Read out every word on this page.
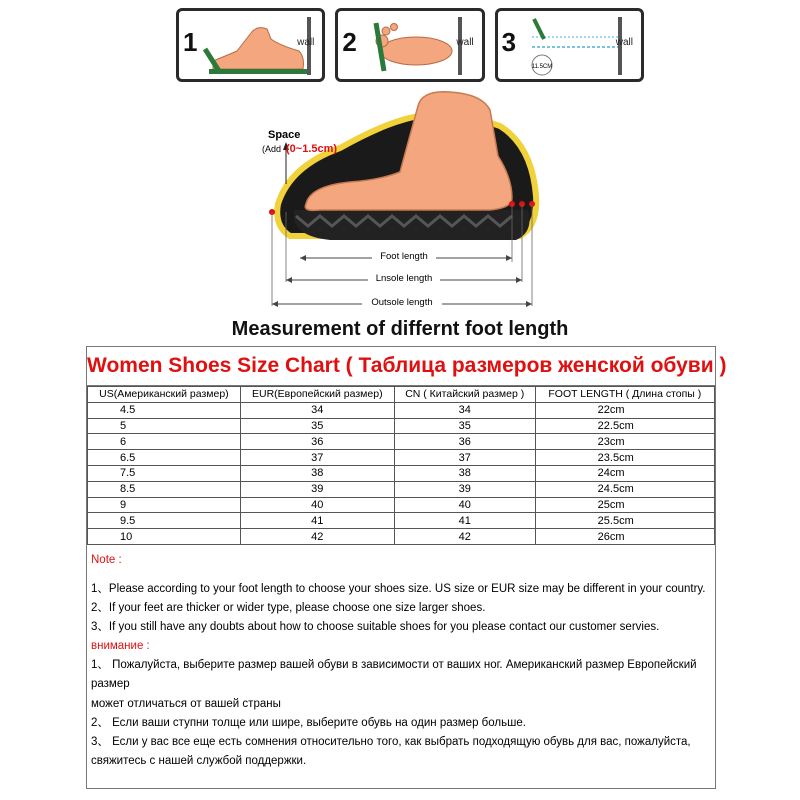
1	wall 2	wall 3
11.5CM
wall
Space
(Add (0~1.5cm)
Foot length
Lnsole length
Outsole length
Measurement of differnt foot length
Women Shoes Size Chart ( Таблица размеров женской обуви )
US(Американский размер)	EUR(Европейский размер)	CN ( Китайский размер )	FOOT LENGTH ( Длина стопы )
4.5	34	34	22cm
5	35	35	22.5cm
6	36	36	23cm
6.5	37	37	23.5cm
7.5	38	38	24cm
8.5	39	39	24.5cm
9	40	40	25cm
9.5	41	41	25.5cm
10	42	42	26cm

Note :

1、Please according to your foot length to choose your shoes size. US size or EUR size may be different in your country.

2、If your feet are thicker or wider type, please choose one size larger shoes.

3、If you still have any doubts about how to choose suitable shoes for you please contact our customer servies.

внимание :

1、 Пожалуйста, выберите размер вашей обуви в зависимости от ваших ног. Американский размер Европейский размер

может отличаться от вашей страны

2、 Если ваши ступни толще или шире, выберите обувь на один размер больше.

3、 Если у вас все еще есть сомнения относительно того, как выбрать подходящую обувь для вас, пожалуйста, свяжитесь с нашей службой поддержки.
